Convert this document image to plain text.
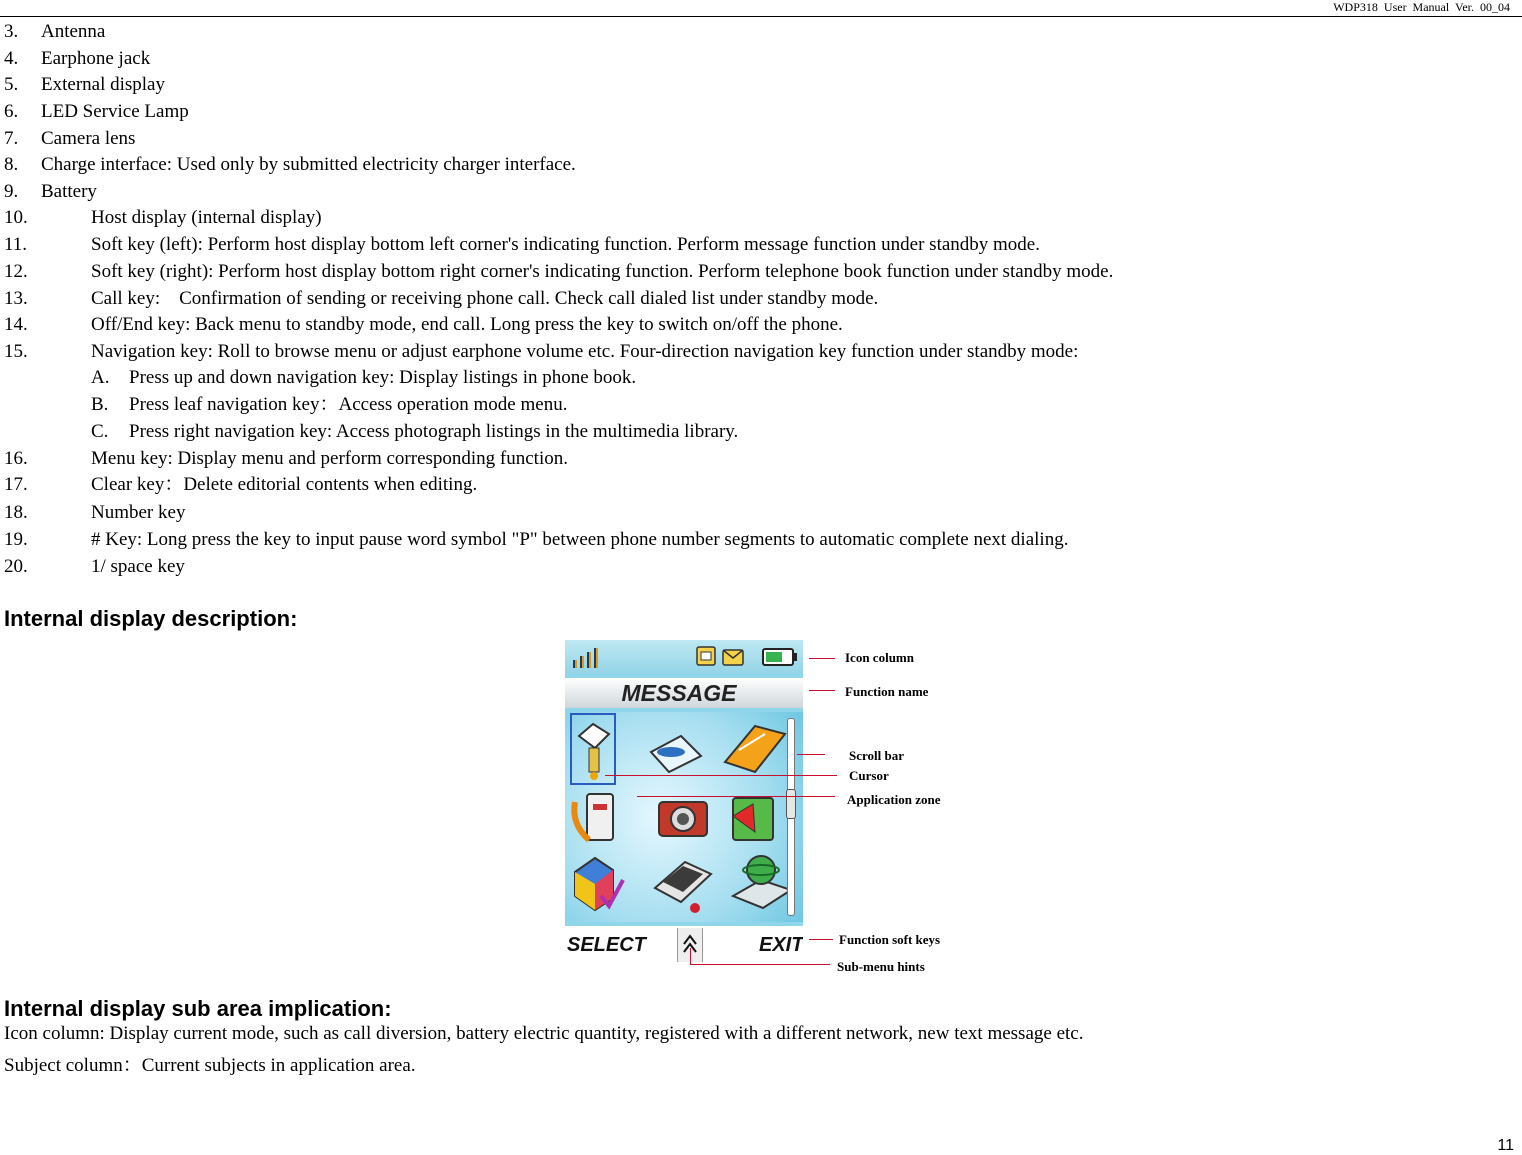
WDP318 User Manual Ver. 00_04
3. Antenna
4. Earphone jack
5. External display
6. LED Service Lamp
7. Camera lens
8. Charge interface: Used only by submitted electricity charger interface.
9. Battery
10.	Host display (internal display)
11.	Soft key (left): Perform host display bottom left corner's indicating function. Perform message function under standby mode.
12.	Soft key (right): Perform host display bottom right corner's indicating function. Perform telephone book function under standby mode.
13.	Call key:    Confirmation of sending or receiving phone call. Check call dialed list under standby mode.
14.	Off/End key: Back menu to standby mode, end call. Long press the key to switch on/off the phone.
15.	Navigation key: Roll to browse menu or adjust earphone volume etc. Four-direction navigation key function under standby mode:
A. Press up and down navigation key: Display listings in phone book.
B. Press leaf navigation key：Access operation mode menu.
C. Press right navigation key: Access photograph listings in the multimedia library.
16.	Menu key: Display menu and perform corresponding function.
17.	Clear key：Delete editorial contents when editing.
18.	Number key
19.	# Key: Long press the key to input pause word symbol "P" between phone number segments to automatic complete next dialing.
20.	1/ space key
Internal display description:
MESSAGE
SELECT	EXIT
Icon column
Function name
Scroll bar
Cursor
Application zone
Function soft keys
Sub-menu hints
Internal display sub area implication:
Icon column: Display current mode, such as call diversion, battery electric quantity, registered with a different network, new text message etc.
Subject column：Current subjects in application area.
11
